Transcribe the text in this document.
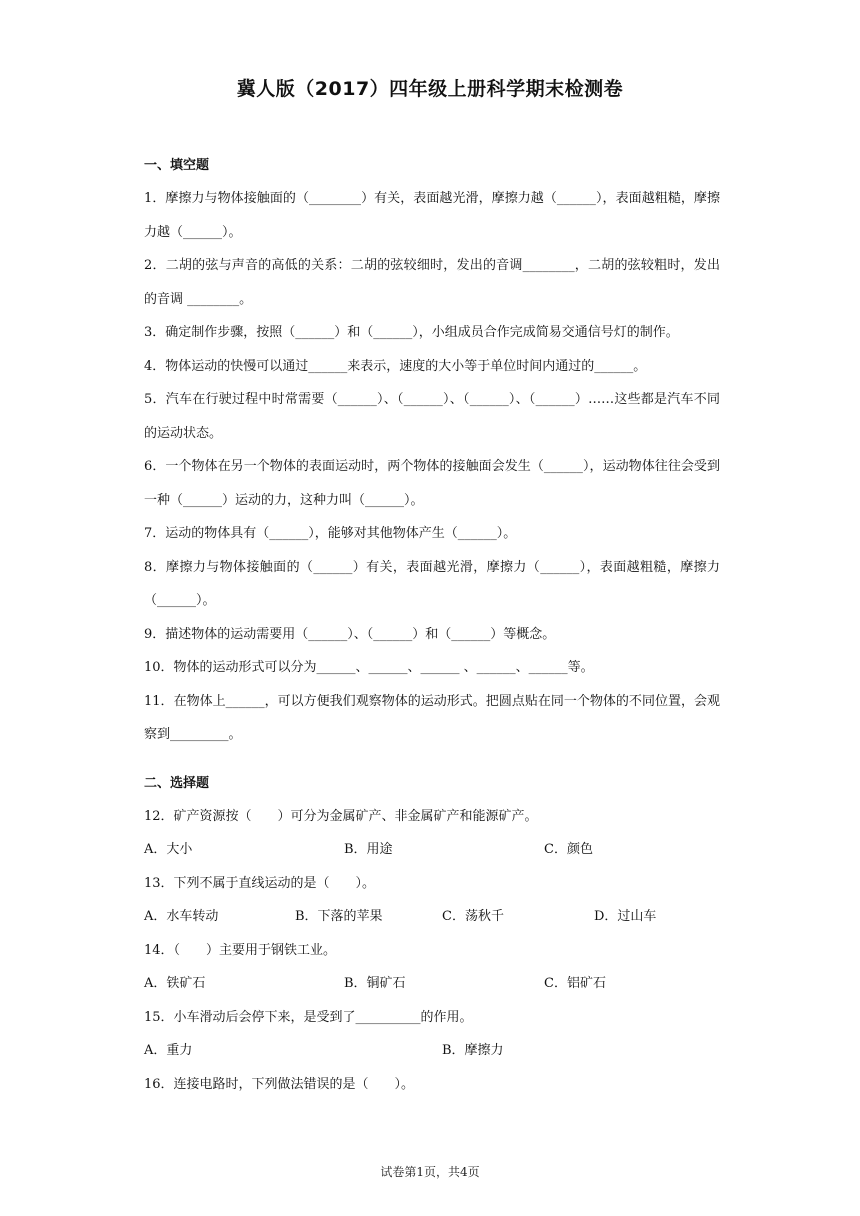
冀人版（2017）四年级上册科学期末检测卷
一、填空题
1．摩擦力与物体接触面的（________）有关，表面越光滑，摩擦力越（______），表面越粗糙，摩擦力越（______）。
2．二胡的弦与声音的高低的关系：二胡的弦较细时，发出的音调________，二胡的弦较粗时，发出的音调 ________。
3．确定制作步骤，按照（______）和（______），小组成员合作完成简易交通信号灯的制作。
4．物体运动的快慢可以通过______来表示，速度的大小等于单位时间内通过的______。
5．汽车在行驶过程中时常需要（______）、（______）、（______）、（______）……这些都是汽车不同的运动状态。
6．一个物体在另一个物体的表面运动时，两个物体的接触面会发生（______），运动物体往往会受到一种（______）运动的力，这种力叫（______）。
7．运动的物体具有（______），能够对其他物体产生（______）。
8．摩擦力与物体接触面的（______）有关，表面越光滑，摩擦力（______），表面越粗糙，摩擦力（______）。
9．描述物体的运动需要用（______）、（______）和（______）等概念。
10．物体的运动形式可以分为______、______、______ 、______、______等。
11．在物体上______，可以方便我们观察物体的运动形式。把圆点贴在同一个物体的不同位置，会观察到_________。
二、选择题
12．矿产资源按（　　）可分为金属矿产、非金属矿产和能源矿产。
A．大小	B．用途	C．颜色
13．下列不属于直线运动的是（　　）。
A．水车转动	B．下落的苹果	C．荡秋千	D．过山车
14．（　　）主要用于钢铁工业。
A．铁矿石	B．铜矿石	C．铝矿石
15．小车滑动后会停下来，是受到了__________的作用。
A．重力	B．摩擦力
16．连接电路时，下列做法错误的是（　　）。
试卷第1页，共4页
